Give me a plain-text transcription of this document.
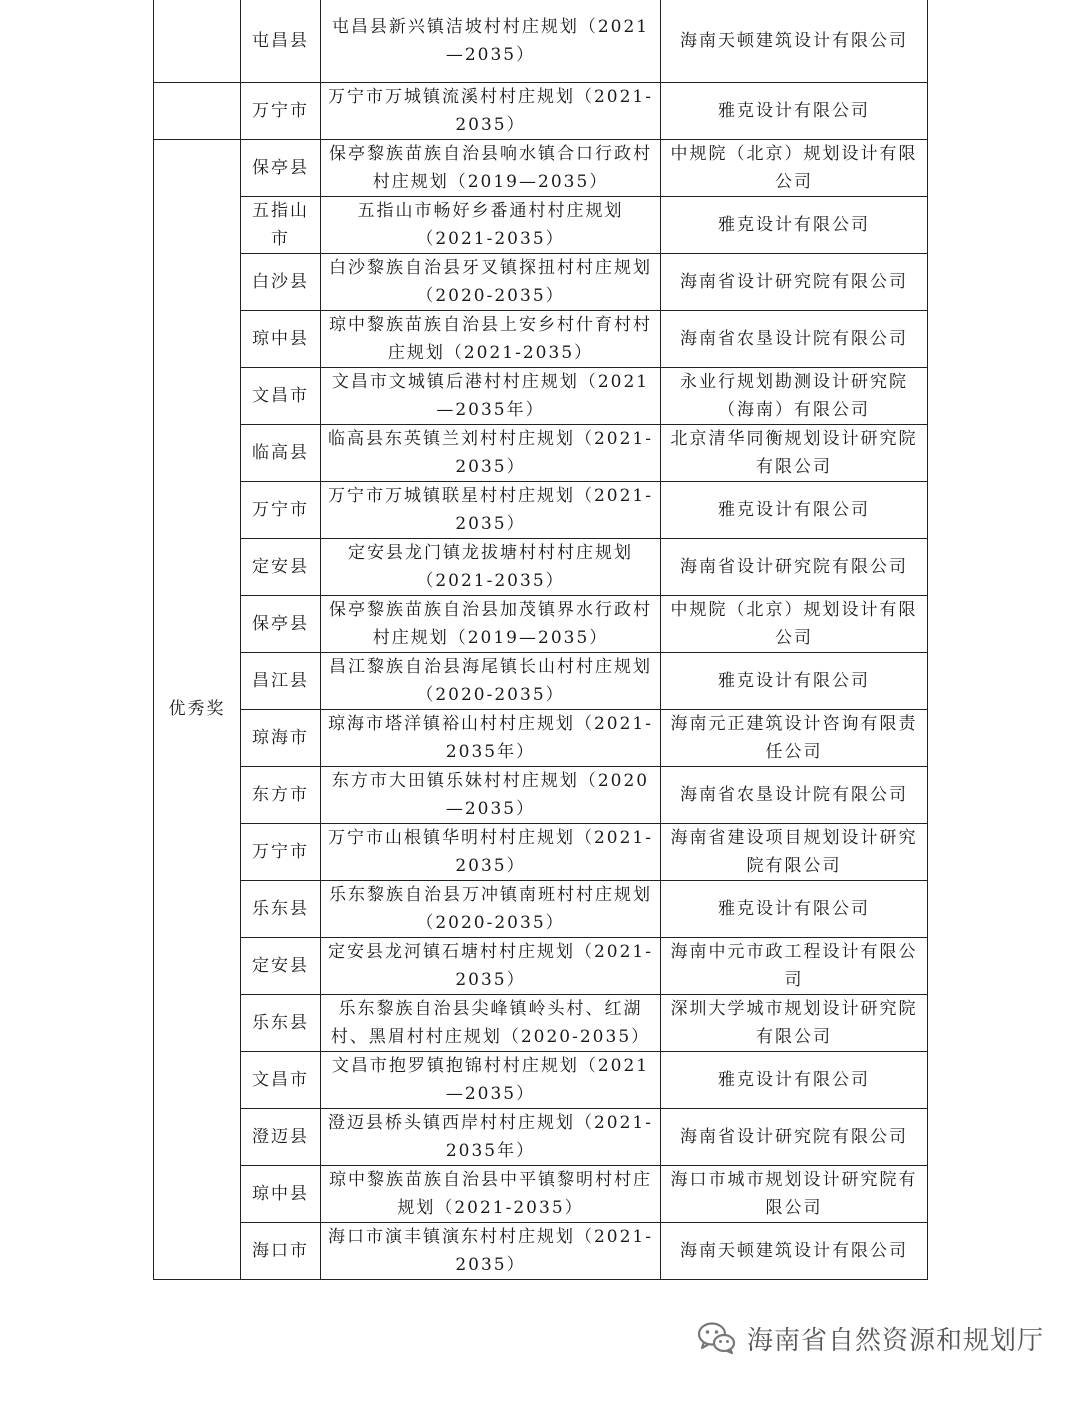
	屯昌县	屯昌县新兴镇洁坡村村庄规划（2021—2035）	海南天顿建筑设计有限公司
	万宁市	万宁市万城镇流溪村村庄规划（2021-2035）	雅克设计有限公司
优秀奖	保亭县	保亭黎族苗族自治县响水镇合口行政村村庄规划（2019—2035）	中规院（北京）规划设计有限公司
	五指山市	五指山市畅好乡番通村村庄规划（2021-2035）	雅克设计有限公司
	白沙县	白沙黎族自治县牙叉镇探扭村村庄规划（2020-2035）	海南省设计研究院有限公司
	琼中县	琼中黎族苗族自治县上安乡村什育村村庄规划（2021-2035）	海南省农垦设计院有限公司
	文昌市	文昌市文城镇后港村村庄规划（2021—2035年）	永业行规划勘测设计研究院（海南）有限公司
	临高县	临高县东英镇兰刘村村庄规划（2021-2035）	北京清华同衡规划设计研究院有限公司
	万宁市	万宁市万城镇联星村村庄规划（2021-2035）	雅克设计有限公司
	定安县	定安县龙门镇龙拔塘村村村庄规划（2021-2035）	海南省设计研究院有限公司
	保亭县	保亭黎族苗族自治县加茂镇界水行政村村庄规划（2019—2035）	中规院（北京）规划设计有限公司
	昌江县	昌江黎族自治县海尾镇长山村村庄规划（2020-2035）	雅克设计有限公司
	琼海市	琼海市塔洋镇裕山村村庄规划（2021-2035年）	海南元正建筑设计咨询有限责任公司
	东方市	东方市大田镇乐妹村村庄规划（2020—2035）	海南省农垦设计院有限公司
	万宁市	万宁市山根镇华明村村庄规划（2021-2035）	海南省建设项目规划设计研究院有限公司
	乐东县	乐东黎族自治县万冲镇南班村村庄规划（2020-2035）	雅克设计有限公司
	定安县	定安县龙河镇石塘村村庄规划（2021-2035）	海南中元市政工程设计有限公司
	乐东县	乐东黎族自治县尖峰镇岭头村、红湖村、黑眉村村庄规划（2020-2035）	深圳大学城市规划设计研究院有限公司
	文昌市	文昌市抱罗镇抱锦村村庄规划（2021—2035）	雅克设计有限公司
	澄迈县	澄迈县桥头镇西岸村村庄规划（2021-2035年）	海南省设计研究院有限公司
	琼中县	琼中黎族苗族自治县中平镇黎明村村庄规划（2021-2035）	海口市城市规划设计研究院有限公司
	海口市	海口市演丰镇演东村村庄规划（2021-2035）	海南天顿建筑设计有限公司
海南省自然资源和规划厅
